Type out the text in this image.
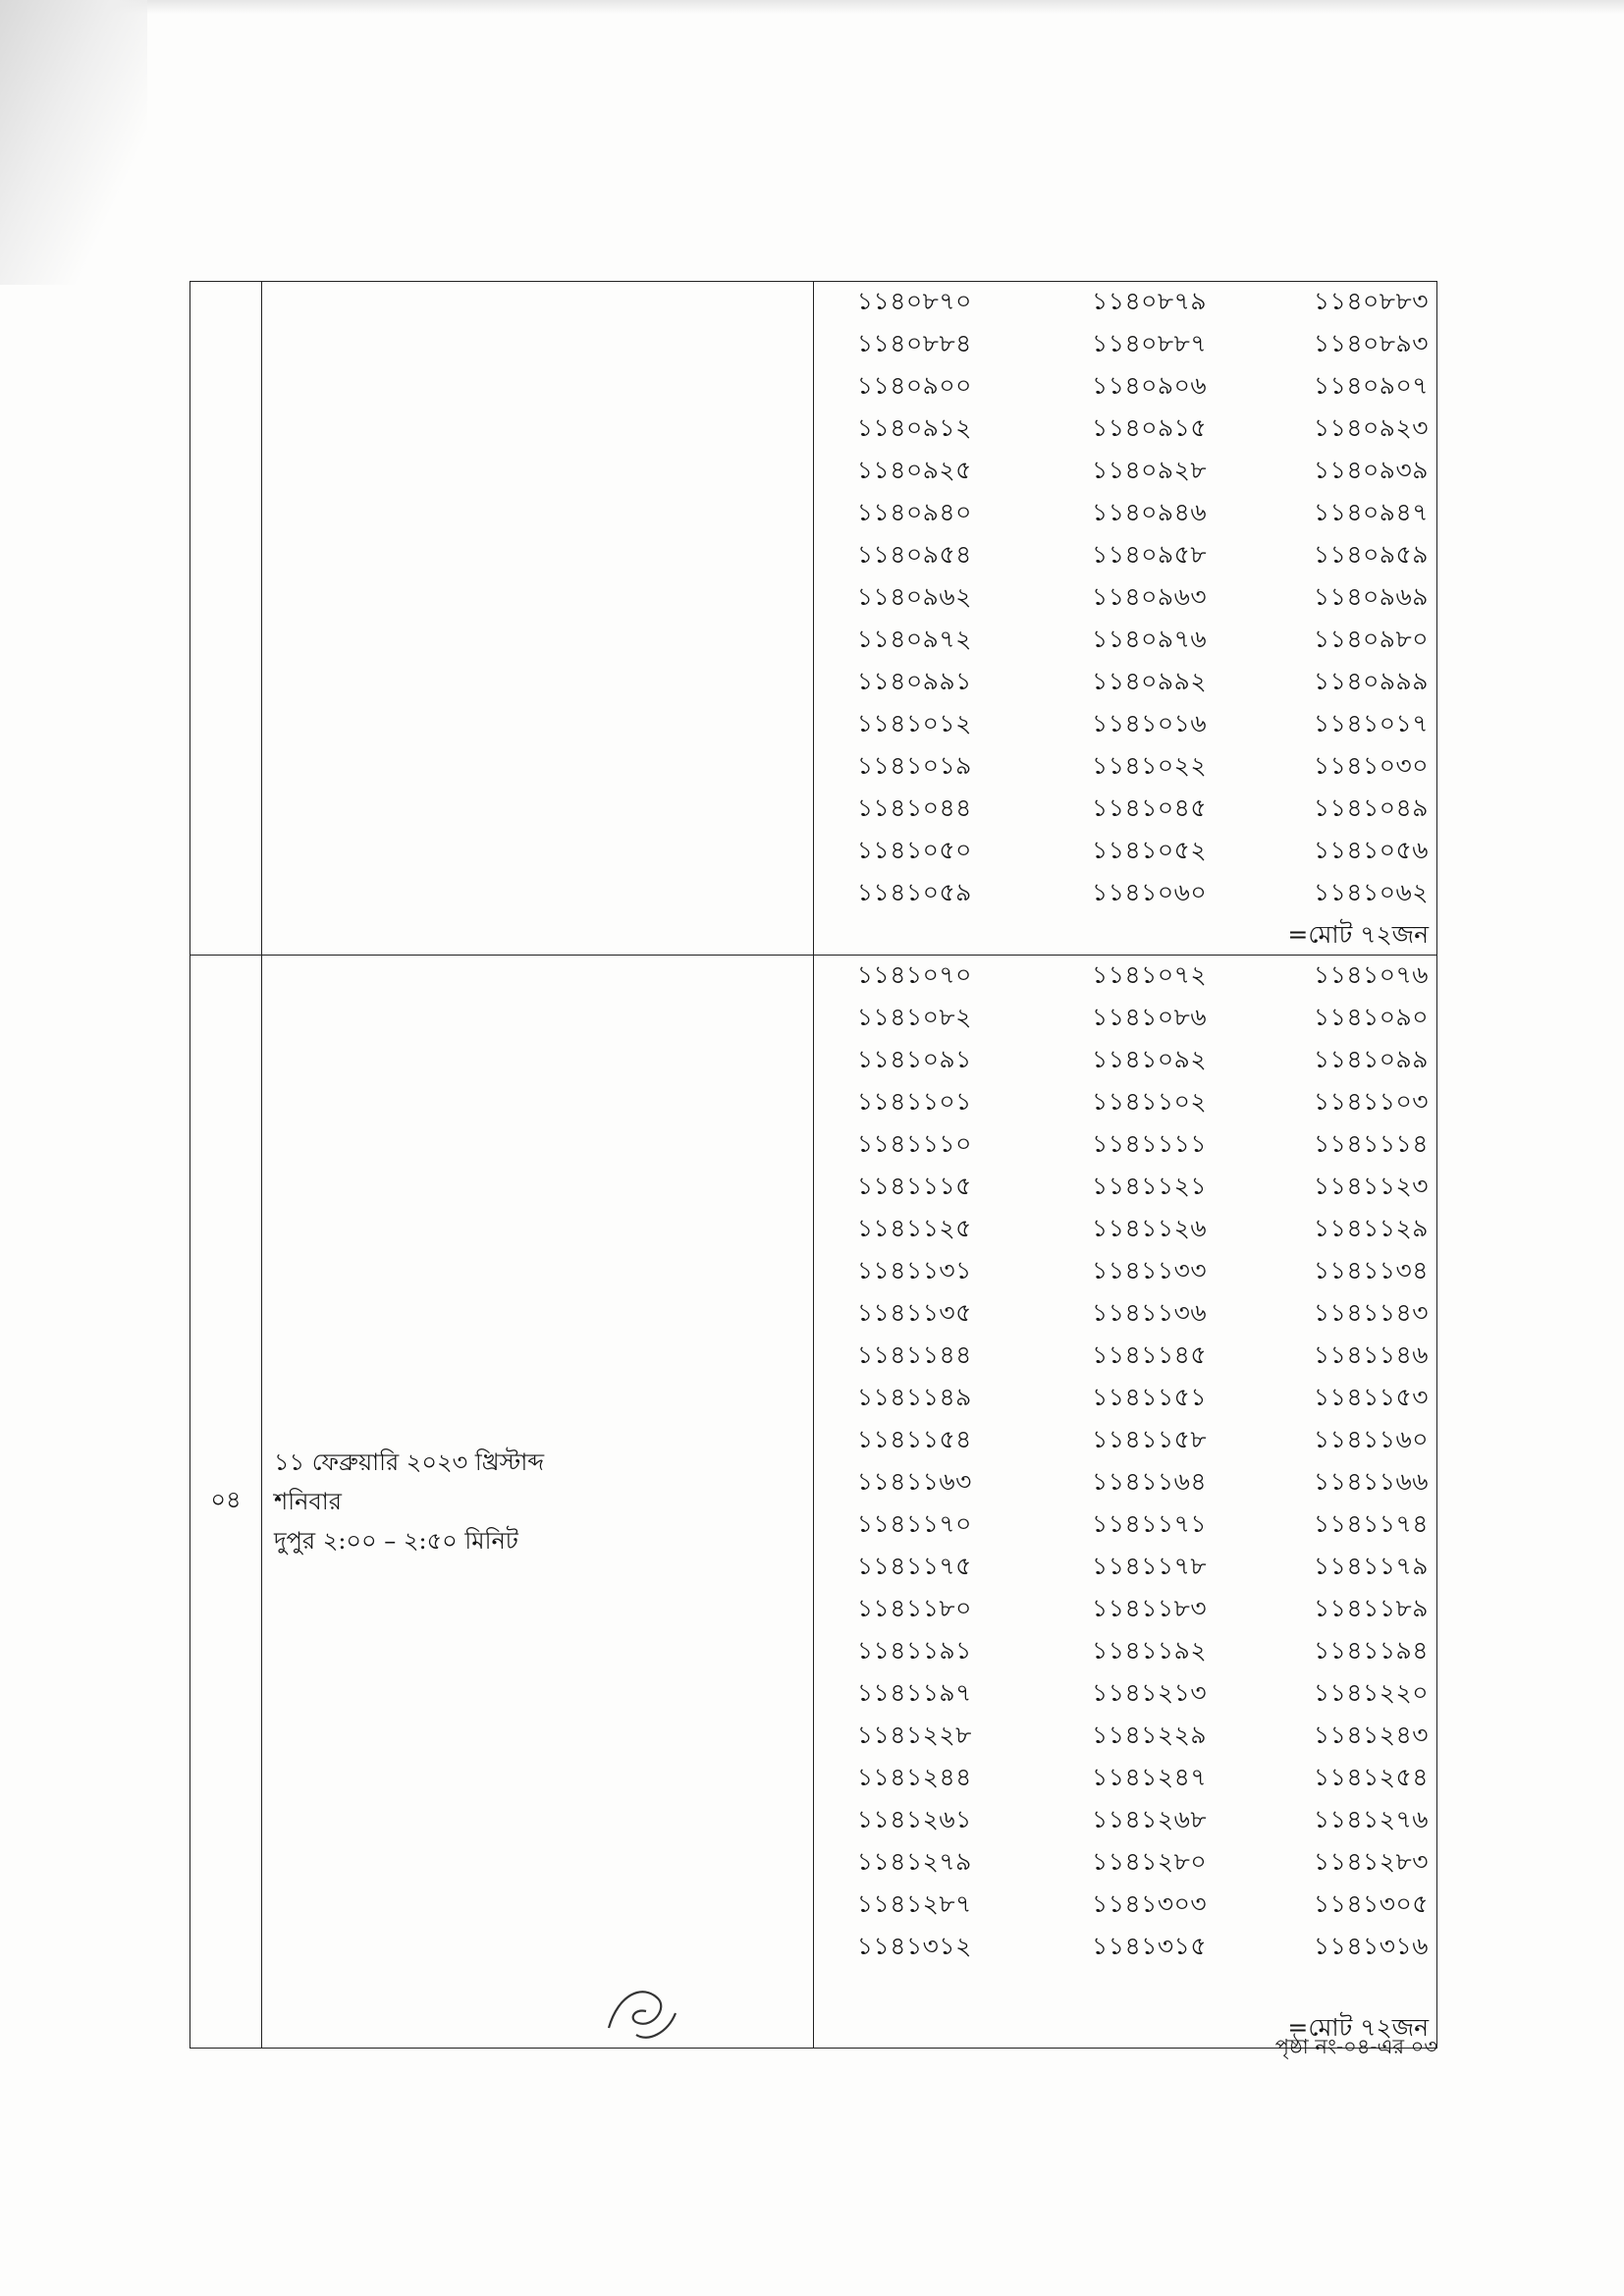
১১৪০৮৭০	১১৪০৮৭৯	১১৪০৮৮৩
১১৪০৮৮৪	১১৪০৮৮৭	১১৪০৮৯৩
১১৪০৯০০	১১৪০৯০৬	১১৪০৯০৭
১১৪০৯১২	১১৪০৯১৫	১১৪০৯২৩
১১৪০৯২৫	১১৪০৯২৮	১১৪০৯৩৯
১১৪০৯৪০	১১৪০৯৪৬	১১৪০৯৪৭
১১৪০৯৫৪	১১৪০৯৫৮	১১৪০৯৫৯
১১৪০৯৬২	১১৪০৯৬৩	১১৪০৯৬৯
১১৪০৯৭২	১১৪০৯৭৬	১১৪০৯৮০
১১৪০৯৯১	১১৪০৯৯২	১১৪০৯৯৯
১১৪১০১২	১১৪১০১৬	১১৪১০১৭
১১৪১০১৯	১১৪১০২২	১১৪১০৩০
১১৪১০৪৪	১১৪১০৪৫	১১৪১০৪৯
১১৪১০৫০	১১৪১০৫২	১১৪১০৫৬
১১৪১০৫৯	১১৪১০৬০	১১৪১০৬২
=মোট ৭২জন

০৪	
১১ ফেব্রুয়ারি ২০২৩ খ্রিস্টাব্দ
শনিবার
দুপুর ২:০০ – ২:৫০ মিনিট

১১৪১০৭০	১১৪১০৭২	১১৪১০৭৬
১১৪১০৮২	১১৪১০৮৬	১১৪১০৯০
১১৪১০৯১	১১৪১০৯২	১১৪১০৯৯
১১৪১১০১	১১৪১১০২	১১৪১১০৩
১১৪১১১০	১১৪১১১১	১১৪১১১৪
১১৪১১১৫	১১৪১১২১	১১৪১১২৩
১১৪১১২৫	১১৪১১২৬	১১৪১১২৯
১১৪১১৩১	১১৪১১৩৩	১১৪১১৩৪
১১৪১১৩৫	১১৪১১৩৬	১১৪১১৪৩
১১৪১১৪৪	১১৪১১৪৫	১১৪১১৪৬
১১৪১১৪৯	১১৪১১৫১	১১৪১১৫৩
১১৪১১৫৪	১১৪১১৫৮	১১৪১১৬০
১১৪১১৬৩	১১৪১১৬৪	১১৪১১৬৬
১১৪১১৭০	১১৪১১৭১	১১৪১১৭৪
১১৪১১৭৫	১১৪১১৭৮	১১৪১১৭৯
১১৪১১৮০	১১৪১১৮৩	১১৪১১৮৯
১১৪১১৯১	১১৪১১৯২	১১৪১১৯৪
১১৪১১৯৭	১১৪১২১৩	১১৪১২২০
১১৪১২২৮	১১৪১২২৯	১১৪১২৪৩
১১৪১২৪৪	১১৪১২৪৭	১১৪১২৫৪
১১৪১২৬১	১১৪১২৬৮	১১৪১২৭৬
১১৪১২৭৯	১১৪১২৮০	১১৪১২৮৩
১১৪১২৮৭	১১৪১৩০৩	১১৪১৩০৫
১১৪১৩১২	১১৪১৩১৫	১১৪১৩১৬
=মোট ৭২জন
পৃষ্ঠা নং-০৪-এর ০৩
